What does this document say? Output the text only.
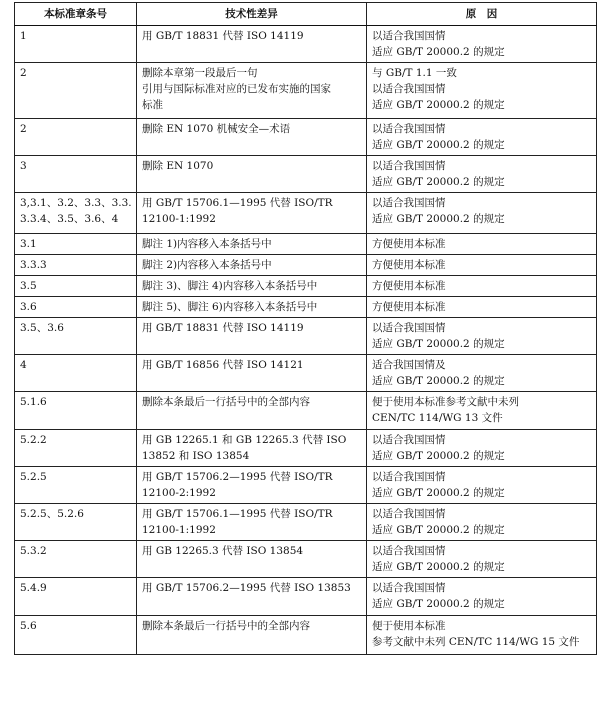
本标准章条号	技术性差异	原　因

1	用 GB/T 18831 代替 ISO 14119	以适合我国国情
适应 GB/T 20000.2 的规定

2	删除本章第一段最后一句
引用与国际标准对应的已发布实施的国家
标准	与 GB/T 1.1 一致
以适合我国国情
适应 GB/T 20000.2 的规定

2	删除 EN 1070 机械安全—术语	以适合我国国情
适应 GB/T 20000.2 的规定

3	删除 EN 1070	以适合我国国情
适应 GB/T 20000.2 的规定

3,3.1、3.2、3.3、3.3.
3.3.4、3.5、3.6、4	用 GB/T 15706.1—1995 代替 ISO/TR
12100-1:1992	以适合我国国情
适应 GB/T 20000.2 的规定

3.1	脚注 1)内容移入本条括号中	方便使用本标准

3.3.3	脚注 2)内容移入本条括号中	方便使用本标准

3.5	脚注 3)、脚注 4)内容移入本条括号中	方便使用本标准

3.6	脚注 5)、脚注 6)内容移入本条括号中	方便使用本标准

3.5、3.6	用 GB/T 18831 代替 ISO 14119	以适合我国国情
适应 GB/T 20000.2 的规定

4	用 GB/T 16856 代替 ISO 14121	适合我国国情及
适应 GB/T 20000.2 的规定

5.1.6	删除本条最后一行括号中的全部内容	便于使用本标准参考文献中未列
CEN/TC 114/WG 13 文件

5.2.2	用 GB 12265.1 和 GB 12265.3 代替 ISO
13852 和 ISO 13854	以适合我国国情
适应 GB/T 20000.2 的规定

5.2.5	用 GB/T 15706.2—1995 代替 ISO/TR
12100-2:1992	以适合我国国情
适应 GB/T 20000.2 的规定

5.2.5、5.2.6	用 GB/T 15706.1—1995 代替 ISO/TR
12100-1:1992	以适合我国国情
适应 GB/T 20000.2 的规定

5.3.2	用 GB 12265.3 代替 ISO 13854	以适合我国国情
适应 GB/T 20000.2 的规定

5.4.9	用 GB/T 15706.2—1995 代替 ISO 13853	以适合我国国情
适应 GB/T 20000.2 的规定

5.6	删除本条最后一行括号中的全部内容	便于使用本标准
参考文献中未列 CEN/TC 114/WG 15 文件
